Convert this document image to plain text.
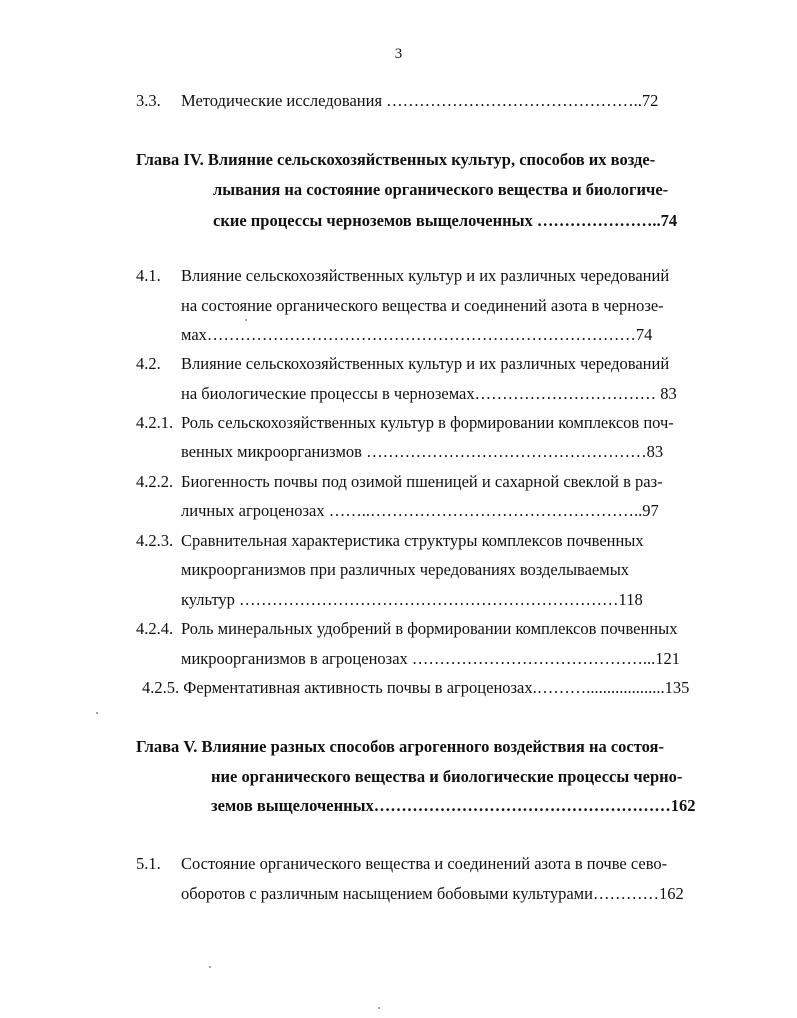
3
3.3. Методические исследования ………………………………………..72
Глава IV. Влияние сельскохозяйственных культур, способов их возде-
лывания на состояние органического вещества и биологиче-
ские процессы черноземов выщелоченных …………………..74
4.1. Влияние сельскохозяйственных культур и их различных чередований
на состояние органического вещества и соединений азота в чернозе-
мах……………………………………………………………………74
4.2. Влияние сельскохозяйственных культур и их различных чередований
на биологические процессы в черноземах…………………………… 83
4.2.1. Роль сельскохозяйственных культур в формировании комплексов поч-
венных микроорганизмов ……………………………………………83
4.2.2. Биогенность почвы под озимой пшеницей и сахарной свеклой в раз-
личных агроценозах ……..…………………………………………..97
4.2.3. Сравнительная характеристика структуры комплексов почвенных
микроорганизмов при различных чередованиях возделываемых
культур ……………………………………………………………118
4.2.4. Роль минеральных удобрений в формировании комплексов почвенных
микроорганизмов в агроценозах ……………………………………...121
4.2.5. Ферментативная активность почвы в агроценозах.………...................135
Глава V. Влияние разных способов агрогенного воздействия на состоя-
ние органического вещества и биологические процессы черно-
земов выщелоченных………………………………………………162
5.1. Состояние органического вещества и соединений азота в почве сево-
оборотов с различным насыщением бобовыми культурами…………162
